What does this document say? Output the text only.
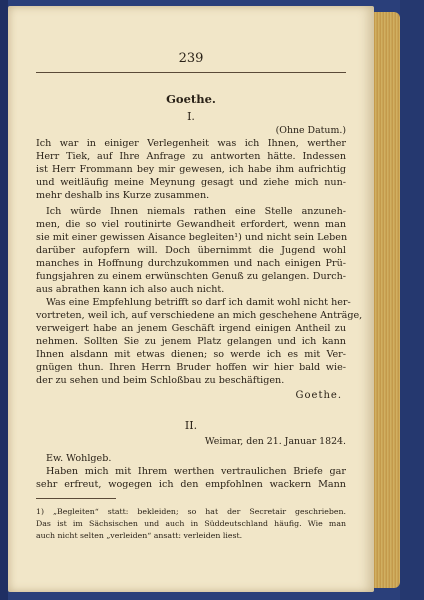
239
Goethe.
I.
(Ohne Datum.)
Ich war in einiger Verlegenheit was ich Ihnen, werther
Herr Tiek, auf Ihre Anfrage zu antworten hätte. Indessen
ist Herr Frommann bey mir gewesen, ich habe ihm aufrichtig
und weitläufig meine Meynung gesagt und ziehe mich nun-
mehr deshalb ins Kurze zusammen.
Ich würde Ihnen niemals rathen eine Stelle anzuneh-
men, die so viel routinirte Gewandheit erfordert, wenn man
sie mit einer gewissen Aisance begleiten¹) und nicht sein Leben
darüber aufopfern will. Doch übernimmt die Jugend wohl
manches in Hoffnung durchzukommen und nach einigen Prü-
fungsjahren zu einem erwünschten Genuß zu gelangen. Durch-
aus abrathen kann ich also auch nicht.
Was eine Empfehlung betrifft so darf ich damit wohl nicht her-
vortreten, weil ich, auf verschiedene an mich geschehene Anträge,
verweigert habe an jenem Geschäft irgend einigen Antheil zu
nehmen. Sollten Sie zu jenem Platz gelangen und ich kann
Ihnen alsdann mit etwas dienen; so werde ich es mit Ver-
gnügen thun. Ihren Herrn Bruder hoffen wir hier bald wie-
der zu sehen und beim Schloßbau zu beschäftigen.
Goethe.
II.
Weimar, den 21. Januar 1824.
Ew. Wohlgeb.
Haben mich mit Ihrem werthen vertraulichen Briefe gar
sehr erfreut, wogegen ich den empfohlnen wackern Mann
1) „Begleiten“ statt: bekleiden; so hat der Secretair geschrieben.
Das ist im Sächsischen und auch in Süddeutschland häufig. Wie man
auch nicht selten „verleiden“ ansatt: verleiden liest.
